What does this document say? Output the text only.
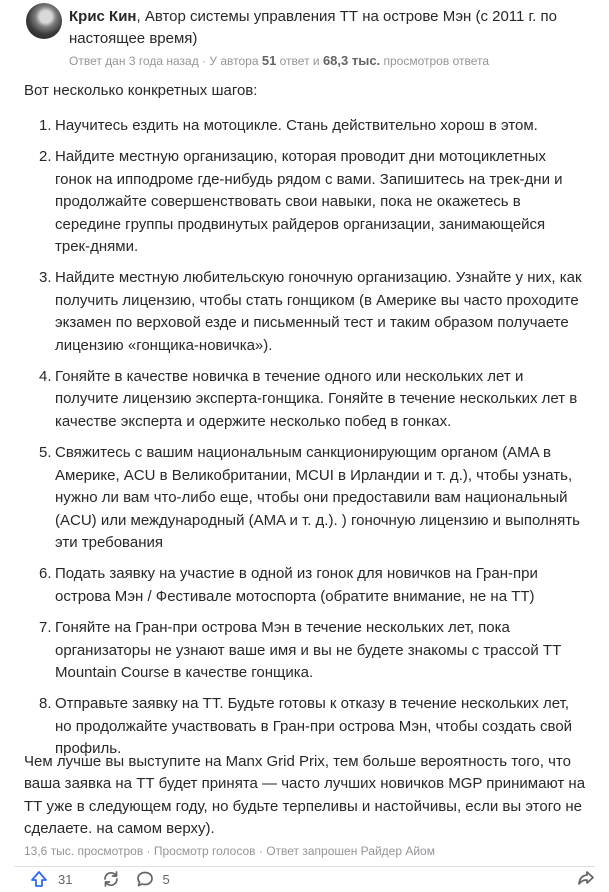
Крис Кин, Автор системы управления ТТ на острове Мэн (с 2011 г. по настоящее время)
Ответ дан 3 года назад · У автора 51 ответ и 68,3 тыс. просмотров ответа
Вот несколько конкретных шагов:
1. Научитесь ездить на мотоцикле. Стань действительно хорош в этом.
2. Найдите местную организацию, которая проводит дни мотоциклетных гонок на ипподроме где-нибудь рядом с вами. Запишитесь на трек-дни и продолжайте совершенствовать свои навыки, пока не окажетесь в середине группы продвинутых райдеров организации, занимающейся трек-днями.
3. Найдите местную любительскую гоночную организацию. Узнайте у них, как получить лицензию, чтобы стать гонщиком (в Америке вы часто проходите экзамен по верховой езде и письменный тест и таким образом получаете лицензию «гонщика-новичка»).
4. Гоняйте в качестве новичка в течение одного или нескольких лет и получите лицензию эксперта-гонщика. Гоняйте в течение нескольких лет в качестве эксперта и одержите несколько побед в гонках.
5. Свяжитесь с вашим национальным санкционирующим органом (AMA в Америке, ACU в Великобритании, MCUI в Ирландии и т. д.), чтобы узнать, нужно ли вам что-либо еще, чтобы они предоставили вам национальный (ACU) или международный (AMA и т. д.). ) гоночную лицензию и выполнять эти требования
6. Подать заявку на участие в одной из гонок для новичков на Гран-при острова Мэн / Фестивале мотоспорта (обратите внимание, не на ТТ)
7. Гоняйте на Гран-при острова Мэн в течение нескольких лет, пока организаторы не узнают ваше имя и вы не будете знакомы с трассой TT Mountain Course в качестве гонщика.
8. Отправьте заявку на ТТ. Будьте готовы к отказу в течение нескольких лет, но продолжайте участвовать в Гран-при острова Мэн, чтобы создать свой профиль.
Чем лучше вы выступите на Manx Grid Prix, тем больше вероятность того, что ваша заявка на ТТ будет принята — часто лучших новичков MGP принимают на ТТ уже в следующем году, но будьте терпеливы и настойчивы, если вы этого не сделаете. на самом верху).
13,6 тыс. просмотров · Просмотр голосов · Ответ запрошен Райдер Айом
31	5
